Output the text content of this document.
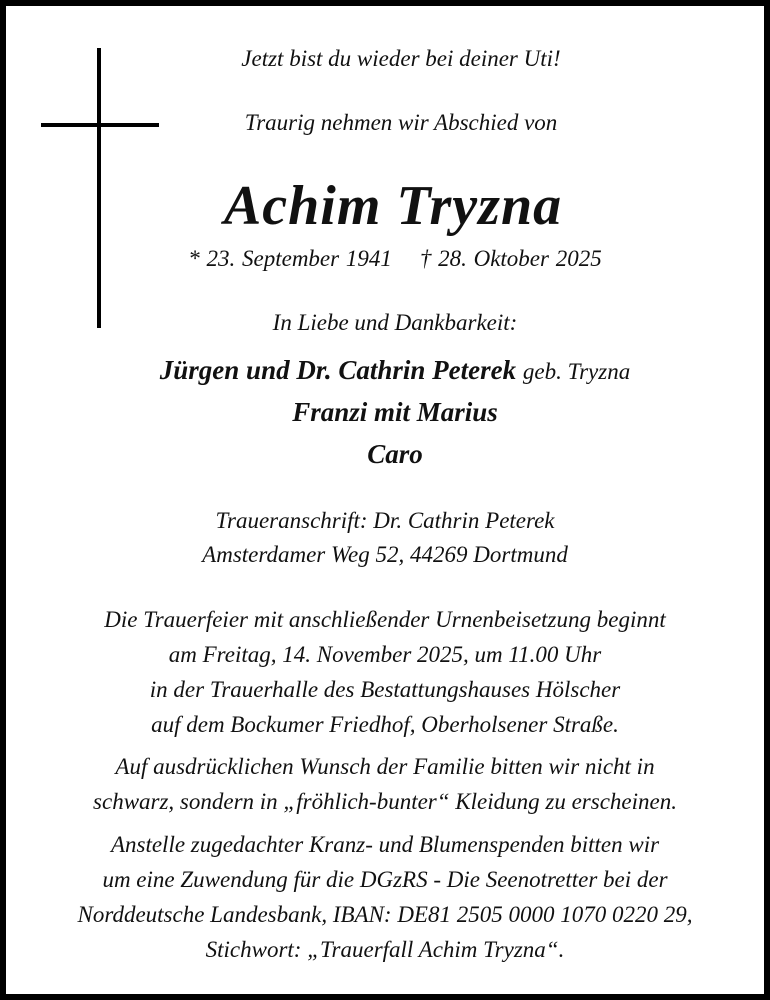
Jetzt bist du wieder bei deiner Uti!
Traurig nehmen wir Abschied von
Achim Tryzna
* 23. September 1941 † 28. Oktober 2025
In Liebe und Dankbarkeit:
Jürgen und Dr. Cathrin Peterek geb. Tryzna
Franzi mit Marius
Caro
Traueranschrift: Dr. Cathrin Peterek
Amsterdamer Weg 52, 44269 Dortmund
Die Trauerfeier mit anschließender Urnenbeisetzung beginnt
am Freitag, 14. November 2025, um 11.00 Uhr
in der Trauerhalle des Bestattungshauses Hölscher
auf dem Bockumer Friedhof, Oberholsener Straße.
Auf ausdrücklichen Wunsch der Familie bitten wir nicht in
schwarz, sondern in „fröhlich-bunter“ Kleidung zu erscheinen.
Anstelle zugedachter Kranz- und Blumenspenden bitten wir
um eine Zuwendung für die DGzRS - Die Seenotretter bei der
Norddeutsche Landesbank, IBAN: DE81 2505 0000 1070 0220 29,
Stichwort: „Trauerfall Achim Tryzna“.
